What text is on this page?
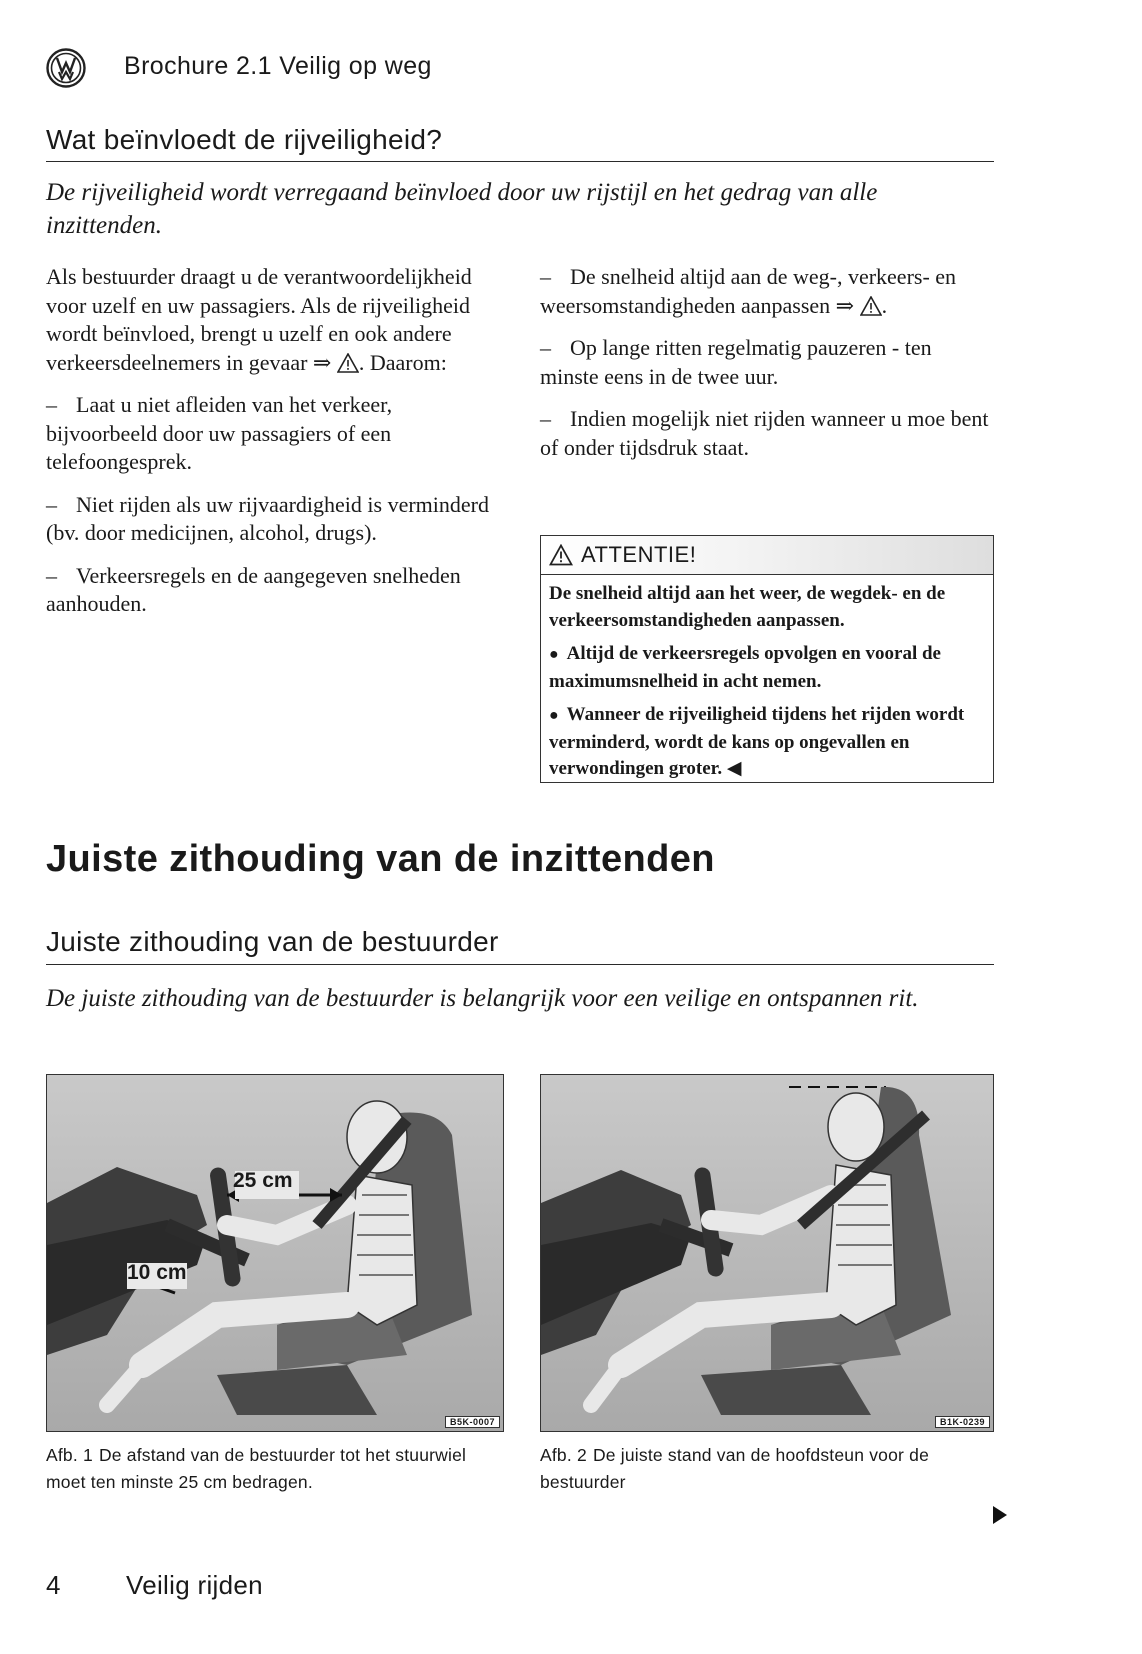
Brochure 2.1 Veilig op weg
Wat beïnvloedt de rijveiligheid?
De rijveiligheid wordt verregaand beïnvloed door uw rijstijl en het gedrag van alle inzittenden.

Als bestuurder draagt u de verantwoordelijkheid voor uzelf en uw passagiers. Als de rijveiligheid wordt beïnvloed, brengt u uzelf en ook andere verkeersdeelnemers in gevaar ⇒ . Daarom:

– Laat u niet afleiden van het verkeer, bijvoorbeeld door uw passagiers of een telefoongesprek.

– Niet rijden als uw rijvaardigheid is verminderd (bv. door medicijnen, alcohol, drugs).

– Verkeersregels en de aangegeven snelheden aanhouden.

– De snelheid altijd aan de weg-, verkeers- en weersomstandigheden aanpassen ⇒ .

– Op lange ritten regelmatig pauzeren - ten minste eens in de twee uur.

– Indien mogelijk niet rijden wanneer u moe bent of onder tijdsdruk staat.

ATTENTIE!

De snelheid altijd aan het weer, de wegdek- en de verkeersomstandigheden aanpassen.

● Altijd de verkeersregels opvolgen en vooral de maximumsnelheid in acht nemen.

● Wanneer de rijveiligheid tijdens het rijden wordt verminderd, wordt de kans op ongevallen en verwondingen groter. ◀

Juiste zithouding van de inzittenden
Juiste zithouding van de bestuurder
De juiste zithouding van de bestuurder is belangrijk voor een veilige en ontspannen rit.
25 cm
10 cm
B5K-0007
Afb. 1 De afstand van de bestuurder tot het stuurwiel moet ten minste 25 cm bedragen.
B1K-0239
Afb. 2 De juiste stand van de hoofdsteun voor de bestuurder
4	Veilig rijden
